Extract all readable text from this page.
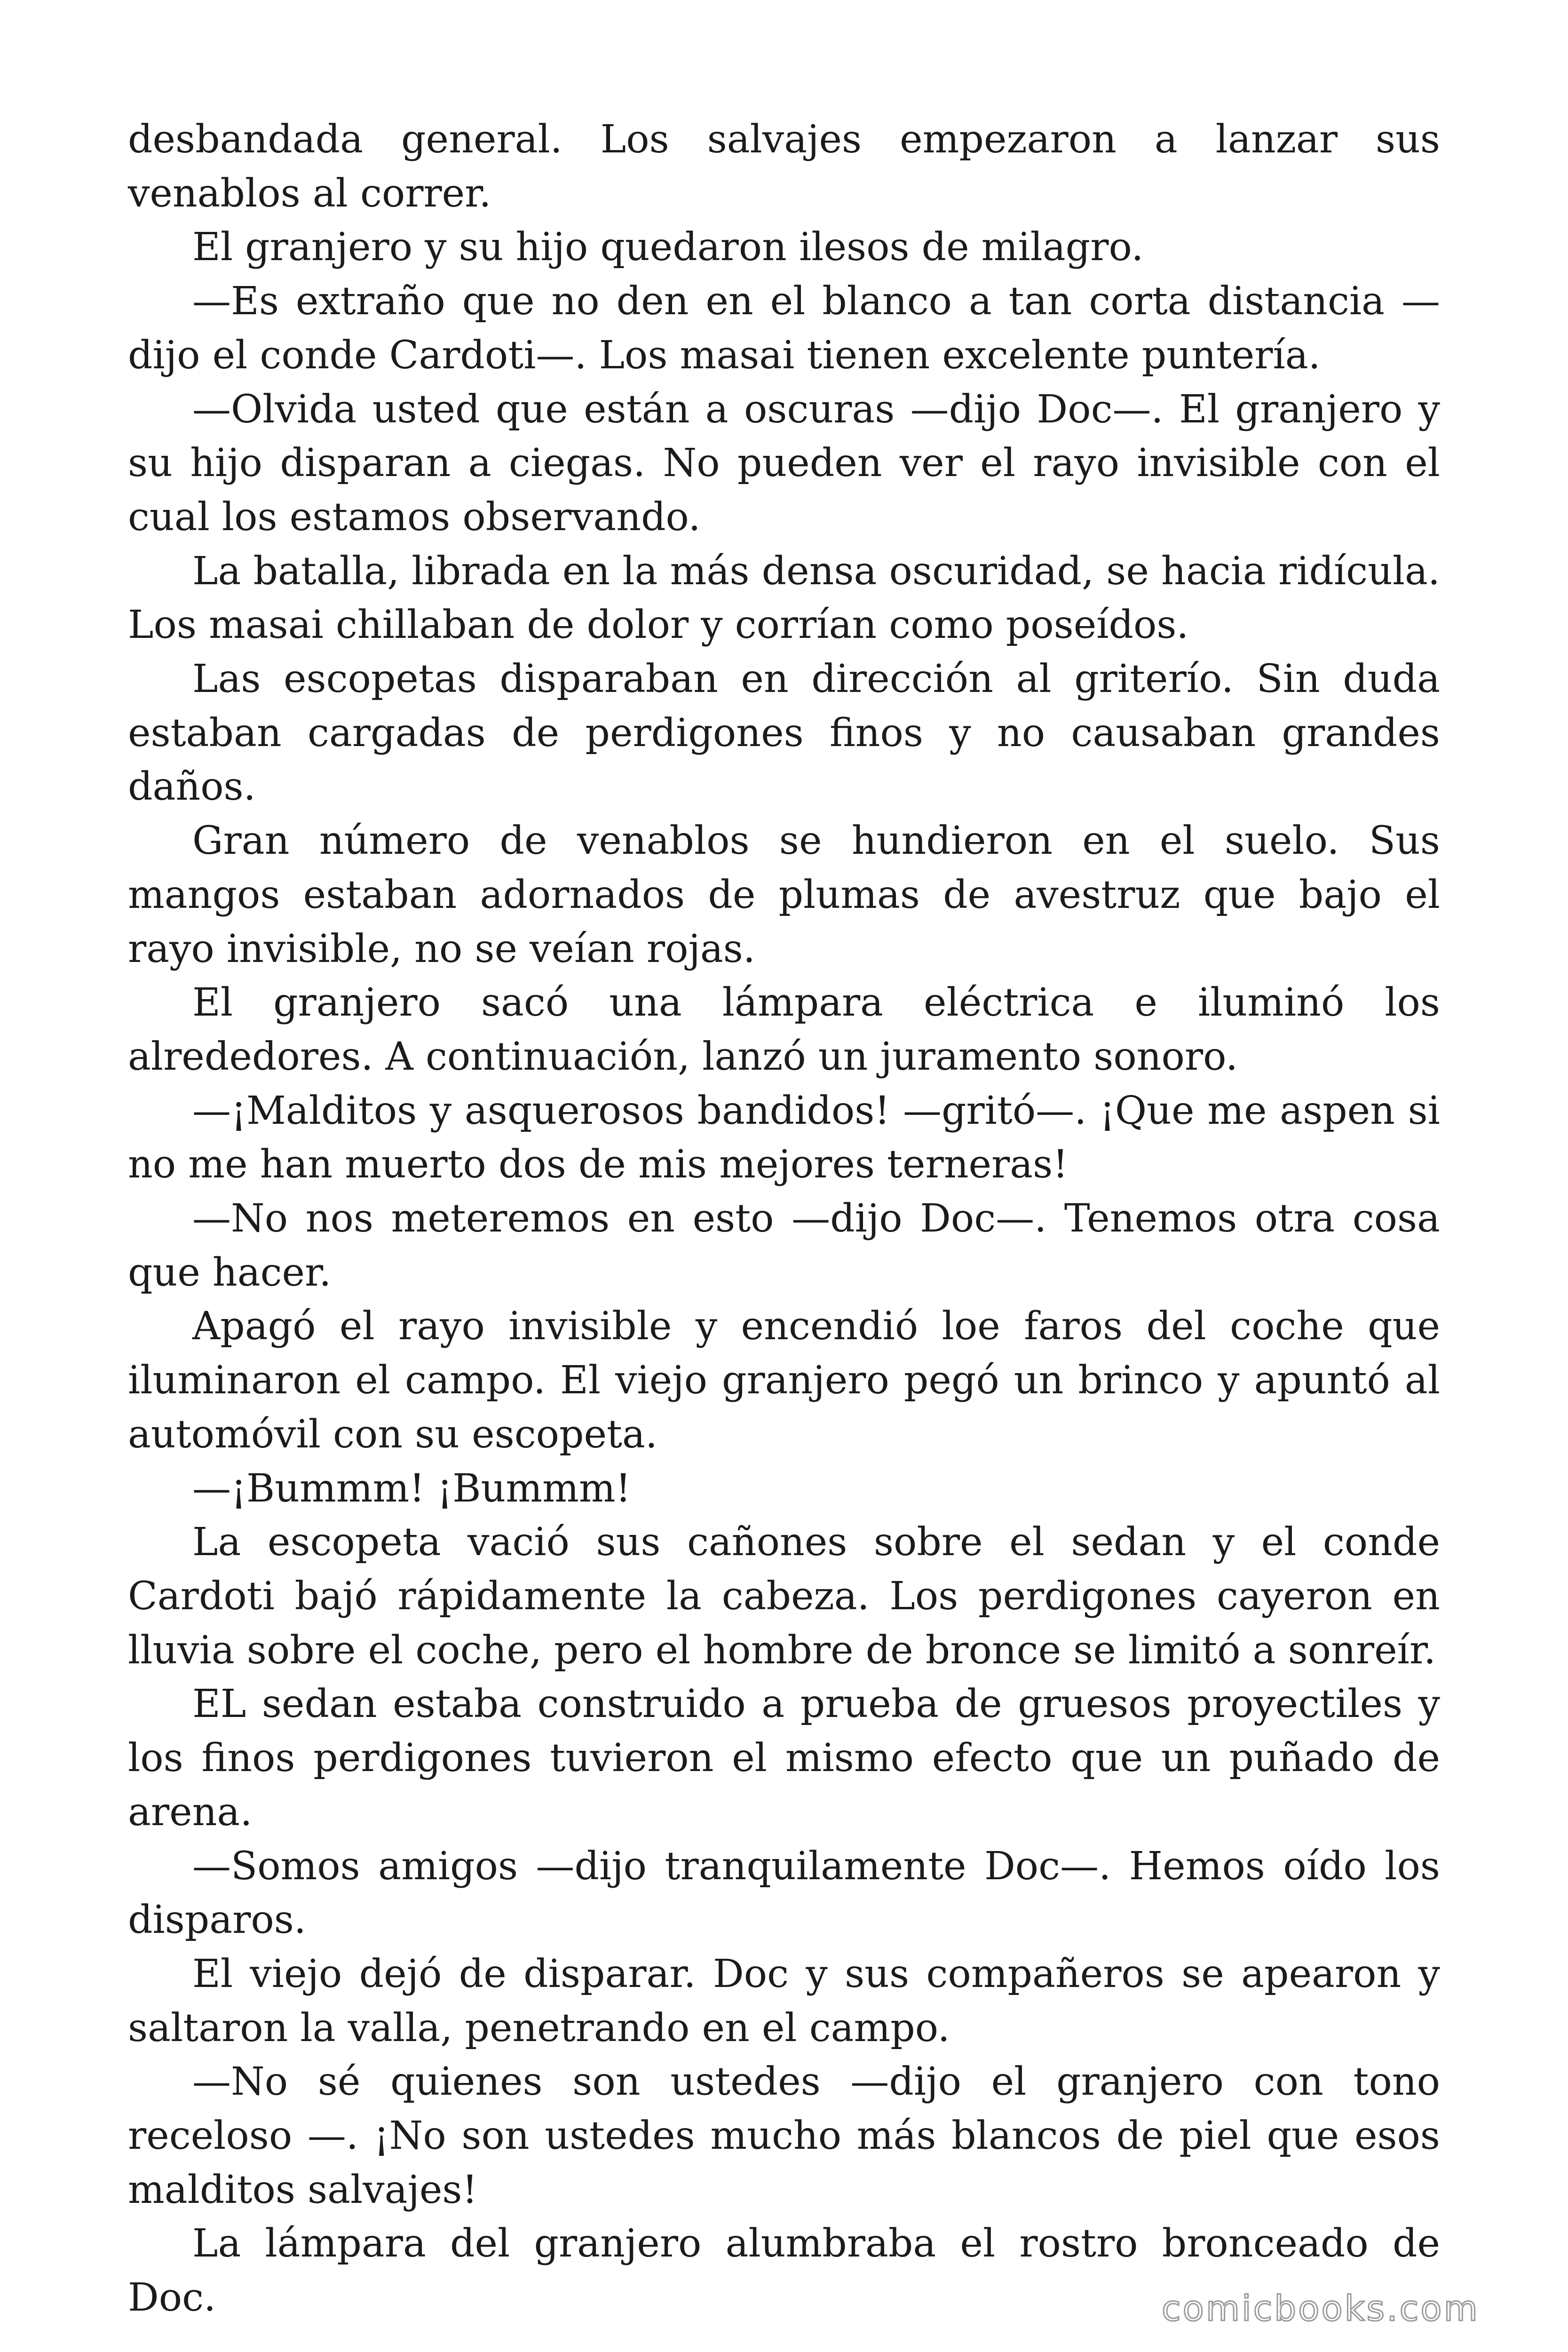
desbandada general. Los salvajes empezaron a lanzar sus venablos al correr.

El granjero y su hijo quedaron ilesos de milagro.

—Es extraño que no den en el blanco a tan corta distancia —dijo el conde Cardoti—. Los masai tienen excelente puntería.

—Olvida usted que están a oscuras —dijo Doc—. El granjero y su hijo disparan a ciegas. No pueden ver el rayo invisible con el cual los estamos observando.

La batalla, librada en la más densa oscuridad, se hacia ridícula. Los masai chillaban de dolor y corrían como poseídos.

Las escopetas disparaban en dirección al griterío. Sin duda estaban cargadas de perdigones finos y no causaban grandes daños.

Gran número de venablos se hundieron en el suelo. Sus mangos estaban adornados de plumas de avestruz que bajo el rayo invisible, no se veían rojas.

El granjero sacó una lámpara eléctrica e iluminó los alrededores. A continuación, lanzó un juramento sonoro.

—¡Malditos y asquerosos bandidos! —gritó—. ¡Que me aspen si no me han muerto dos de mis mejores terneras!

—No nos meteremos en esto —dijo Doc—. Tenemos otra cosa que hacer.

Apagó el rayo invisible y encendió loe faros del coche que iluminaron el campo. El viejo granjero pegó un brinco y apuntó al automóvil con su escopeta.

—¡Bummm! ¡Bummm!

La escopeta vació sus cañones sobre el sedan y el conde Cardoti bajó rápidamente la cabeza. Los perdigones cayeron en lluvia sobre el coche, pero el hombre de bronce se limitó a sonreír.

EL sedan estaba construido a prueba de gruesos proyectiles y los finos perdigones tuvieron el mismo efecto que un puñado de arena.

—Somos amigos —dijo tranquilamente Doc—. Hemos oído los disparos.

El viejo dejó de disparar. Doc y sus compañeros se apearon y saltaron la valla, penetrando en el campo.

—No sé quienes son ustedes —dijo el granjero con tono receloso —. ¡No son ustedes mucho más blancos de piel que esos malditos salvajes!

La lámpara del granjero alumbraba el rostro bronceado de Doc.	comicbooks.com
